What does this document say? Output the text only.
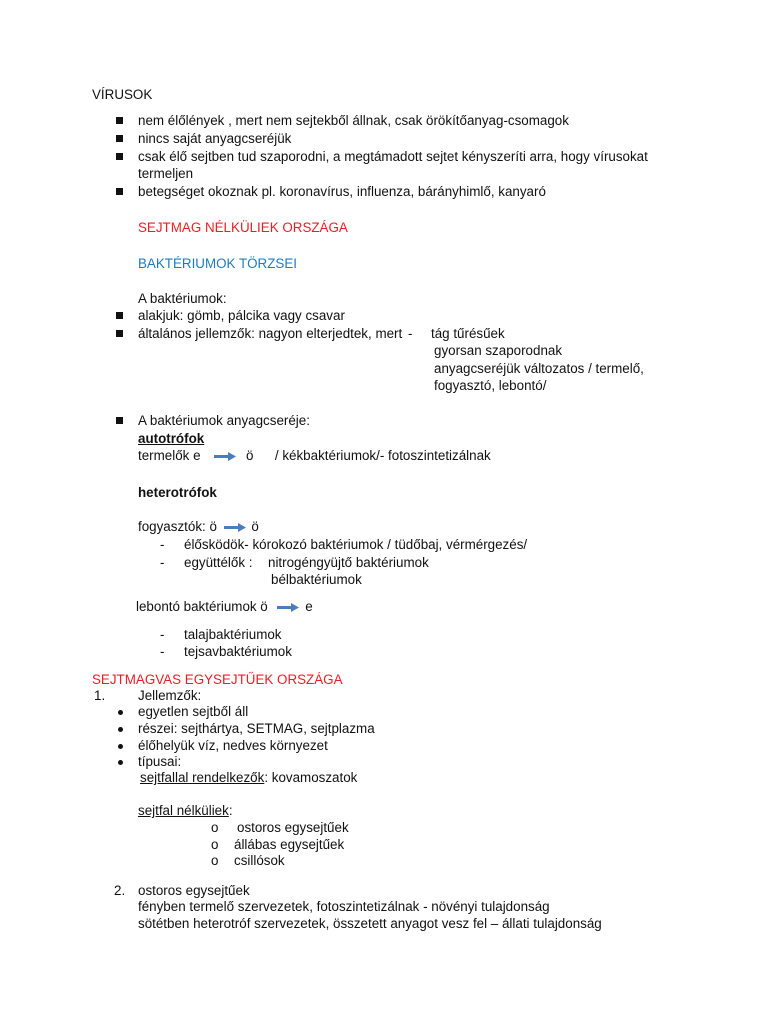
VÍRUSOK
nem élőlények , mert nem sejtekből állnak, csak örökítőanyag-csomagok
nincs saját anyagcseréjük
csak élő sejtben tud szaporodni, a megtámadott sejtet kényszeríti arra, hogy vírusokat
termeljen
betegséget okoznak pl. koronavírus, influenza, bárányhimlő, kanyaró
SEJTMAG NÉLKÜLIEK ORSZÁGA
BAKTÉRIUMOK TÖRZSEI
A baktériumok:
alakjuk: gömb, pálcika vagy csavar
általános jellemzők: nagyon elterjedtek, mert - tág tűrésűek
gyorsan szaporodnak
anyagcseréjük változatos / termelő,
fogyasztó, lebontó/
A baktériumok anyagcseréje:
autotrófok
termelők e	ö / kékbaktériumok/- fotoszintetizálnak
heterotrófok
fogyasztók: ö	ö
- élősködök- kórokozó baktériumok / tüdőbaj, vérmérgezés/
- együttélők : nitrogéngyüjtő baktériumok
bélbaktériumok
lebontó baktériumok ö	e
- talajbaktériumok
- tejsavbaktériumok
SEJTMAGVAS EGYSEJTŰEK ORSZÁGA
1. Jellemzők:
egyetlen sejtből áll
részei: sejthártya, SETMAG, sejtplazma
élőhelyük víz, nedves környezet
típusai:
sejtfallal rendelkezők: kovamoszatok
sejtfal nélküliek:
o ostoros egysejtűek
o állábas egysejtűek
o csillósok
2. ostoros egysejtűek
fényben termelő szervezetek, fotoszintetizálnak - növényi tulajdonság
sötétben heterotróf szervezetek, összetett anyagot vesz fel – állati tulajdonság
